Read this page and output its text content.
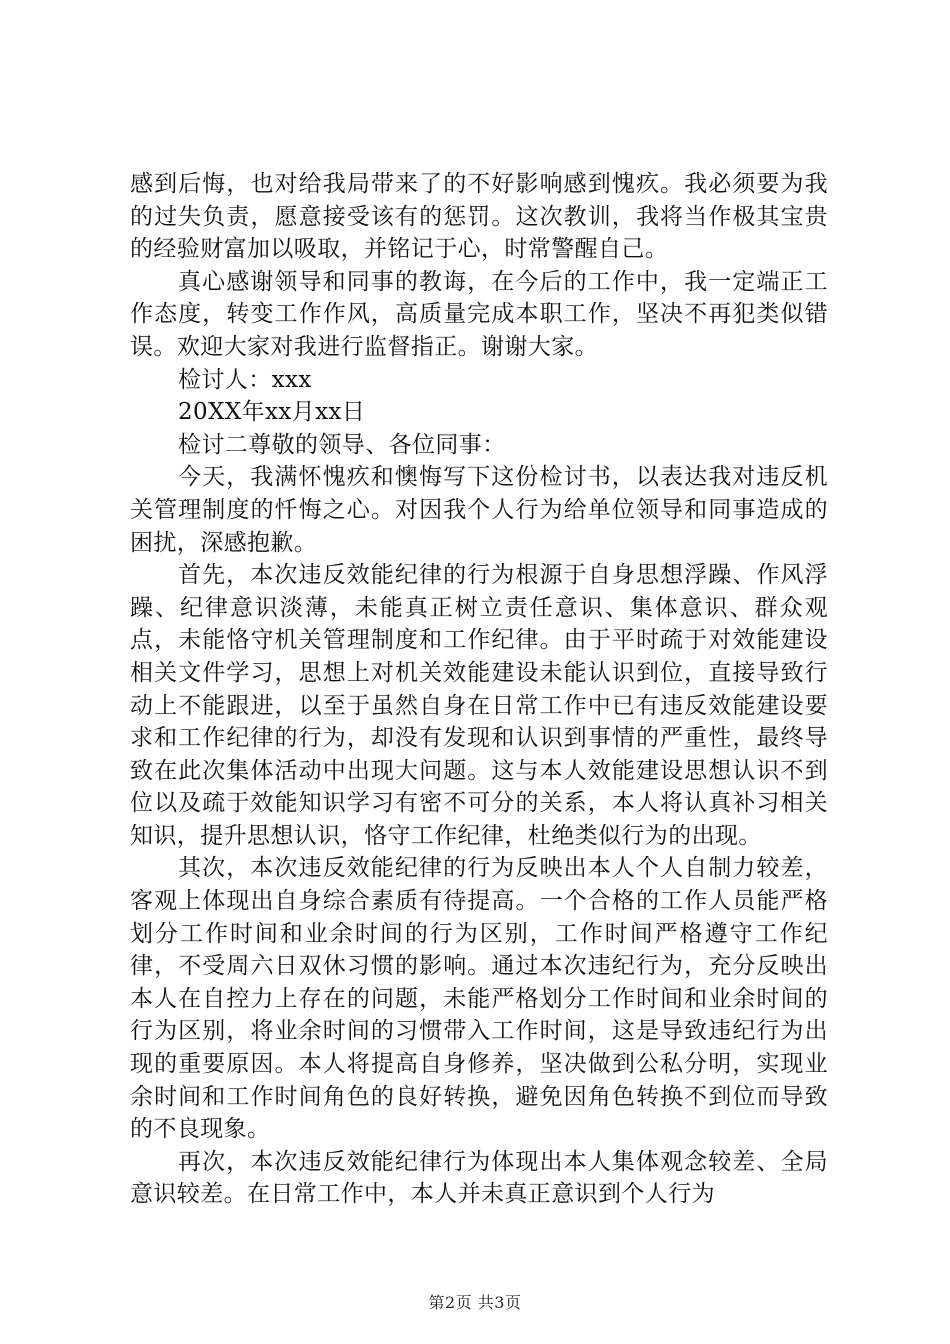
感到后悔，也对给我局带来了的不好影响感到愧疚。我必须要为我的过失负责，愿意接受该有的惩罚。这次教训，我将当作极其宝贵的经验财富加以吸取，并铭记于心，时常警醒自己。

真心感谢领导和同事的教诲，在今后的工作中，我一定端正工作态度，转变工作作风，高质量完成本职工作，坚决不再犯类似错误。欢迎大家对我进行监督指正。谢谢大家。

检讨人：xxx

20XX年xx月xx日

检讨二尊敬的领导、各位同事：

今天，我满怀愧疚和懊悔写下这份检讨书，以表达我对违反机关管理制度的忏悔之心。对因我个人行为给单位领导和同事造成的困扰，深感抱歉。

首先，本次违反效能纪律的行为根源于自身思想浮躁、作风浮躁、纪律意识淡薄，未能真正树立责任意识、集体意识、群众观点，未能恪守机关管理制度和工作纪律。由于平时疏于对效能建设相关文件学习，思想上对机关效能建设未能认识到位，直接导致行动上不能跟进，以至于虽然自身在日常工作中已有违反效能建设要求和工作纪律的行为，却没有发现和认识到事情的严重性，最终导致在此次集体活动中出现大问题。这与本人效能建设思想认识不到位以及疏于效能知识学习有密不可分的关系，本人将认真补习相关知识，提升思想认识，恪守工作纪律，杜绝类似行为的出现。

其次，本次违反效能纪律的行为反映出本人个人自制力较差，客观上体现出自身综合素质有待提高。一个合格的工作人员能严格划分工作时间和业余时间的行为区别，工作时间严格遵守工作纪律，不受周六日双休习惯的影响。通过本次违纪行为，充分反映出本人在自控力上存在的问题，未能严格划分工作时间和业余时间的行为区别，将业余时间的习惯带入工作时间，这是导致违纪行为出现的重要原因。本人将提高自身修养，坚决做到公私分明，实现业余时间和工作时间角色的良好转换，避免因角色转换不到位而导致的不良现象。

再次，本次违反效能纪律行为体现出本人集体观念较差、全局意识较差。在日常工作中，本人并未真正意识到个人行为

第2页 共3页
